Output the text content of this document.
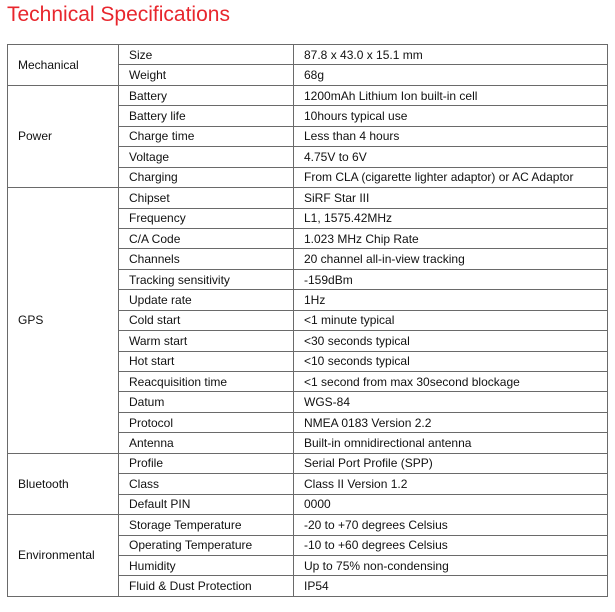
Technical Specifications
Mechanical	Size	87.8 x 43.0 x 15.1 mm
	Weight	68g
Power	Battery	1200mAh Lithium Ion built-in cell
	Battery life	10hours typical use
	Charge time	Less than 4 hours
	Voltage	4.75V to 6V
	Charging	From CLA (cigarette lighter adaptor) or AC Adaptor
GPS	Chipset	SiRF Star III
	Frequency	L1, 1575.42MHz
	C/A Code	1.023 MHz Chip Rate
	Channels	20 channel all-in-view tracking
	Tracking sensitivity	-159dBm
	Update rate	1Hz
	Cold start	<1 minute typical
	Warm start	<30 seconds typical
	Hot start	<10 seconds typical
	Reacquisition time	<1 second from max 30second blockage
	Datum	WGS-84
	Protocol	NMEA 0183 Version 2.2
	Antenna	Built-in omnidirectional antenna
Bluetooth	Profile	Serial Port Profile (SPP)
	Class	Class II Version 1.2
	Default PIN	0000
Environmental	Storage Temperature	-20 to +70 degrees Celsius
	Operating Temperature	-10 to +60 degrees Celsius
	Humidity	Up to 75% non-condensing
	Fluid & Dust Protection	IP54
